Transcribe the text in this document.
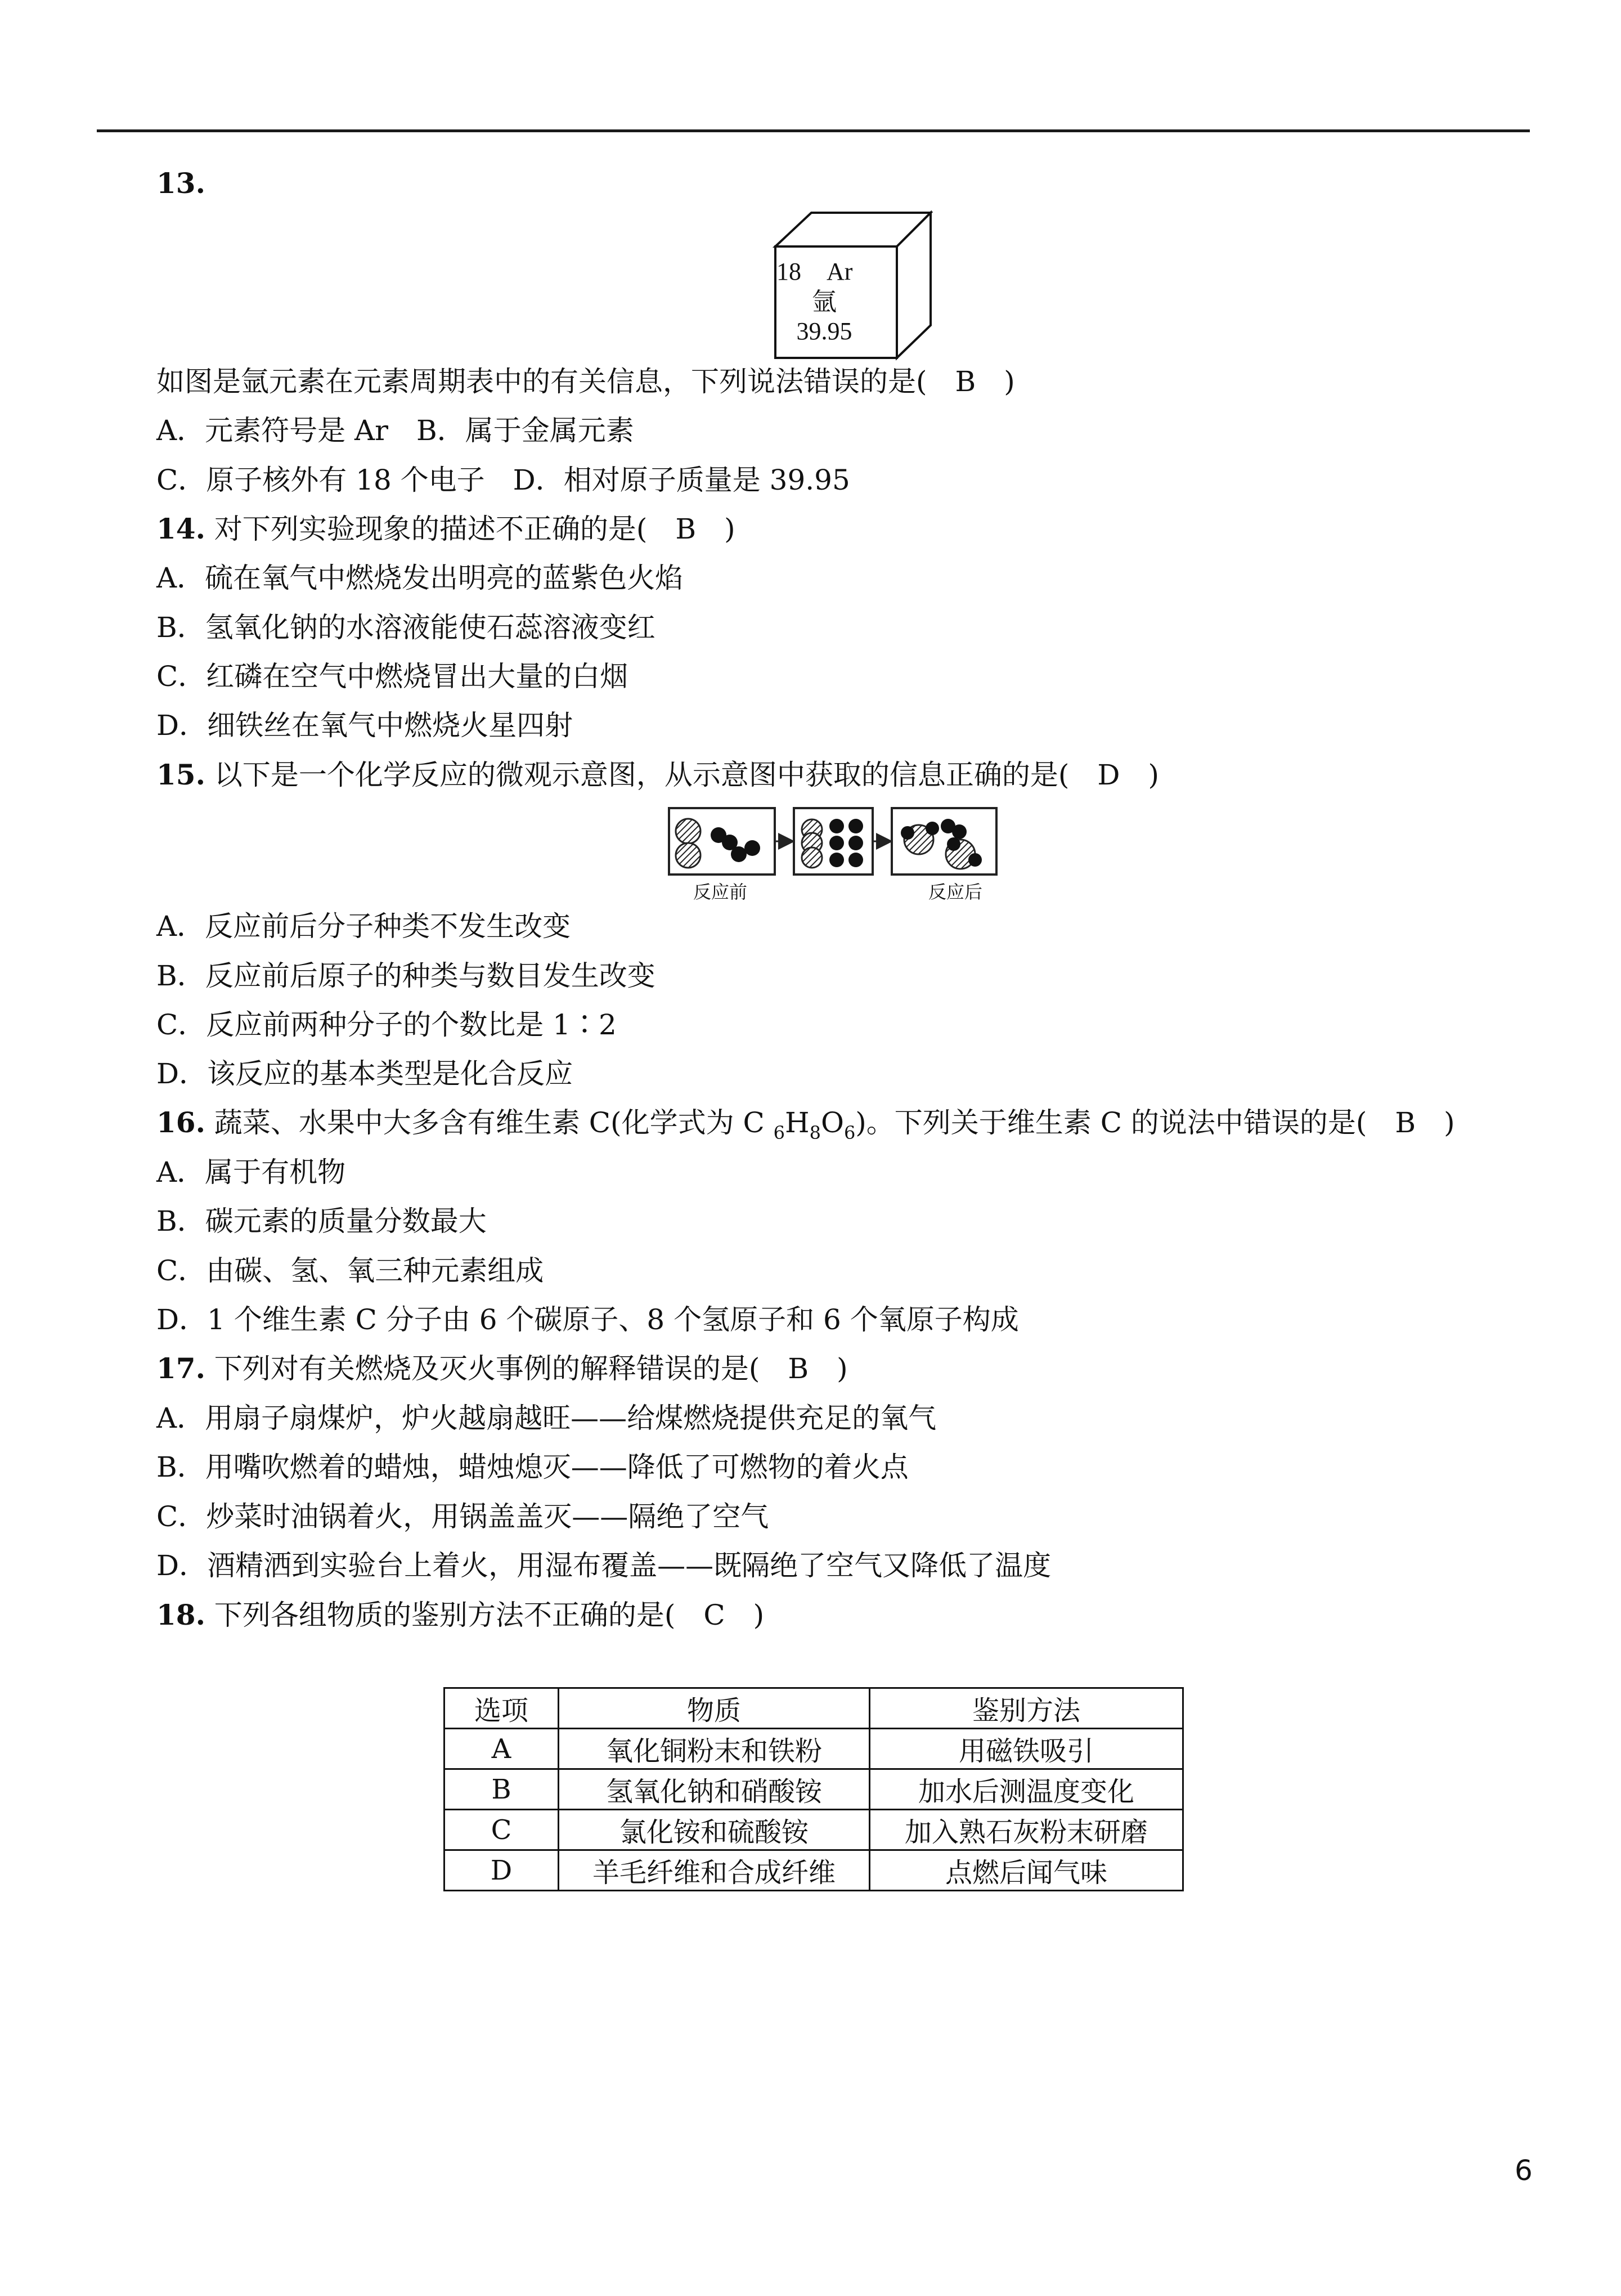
13.
18 Ar
氩
39.95
如图是氩元素在元素周期表中的有关信息，下列说法错误的是(　B　)
A．元素符号是 Ar　B．属于金属元素
C．原子核外有 18 个电子　D．相对原子质量是 39.95
14. 对下列实验现象的描述不正确的是(　B　)
A．硫在氧气中燃烧发出明亮的蓝紫色火焰
B．氢氧化钠的水溶液能使石蕊溶液变红
C．红磷在空气中燃烧冒出大量的白烟
D．细铁丝在氧气中燃烧火星四射
15. 以下是一个化学反应的微观示意图，从示意图中获取的信息正确的是(　D　)
反应前	反应后
A．反应前后分子种类不发生改变
B．反应前后原子的种类与数目发生改变
C．反应前两种分子的个数比是 1∶2
D．该反应的基本类型是化合反应
16. 蔬菜、水果中大多含有维生素 C(化学式为 C $_6H_8O_6$)。下列关于维生素 C 的说法中错误的是(　B　)
A．属于有机物
B．碳元素的质量分数最大
C．由碳、氢、氧三种元素组成
D．1 个维生素 C 分子由 6 个碳原子、8 个氢原子和 6 个氧原子构成
17. 下列对有关燃烧及灭火事例的解释错误的是(　B　)
A．用扇子扇煤炉，炉火越扇越旺——给煤燃烧提供充足的氧气
B．用嘴吹燃着的蜡烛，蜡烛熄灭——降低了可燃物的着火点
C．炒菜时油锅着火，用锅盖盖灭——隔绝了空气
D．酒精洒到实验台上着火，用湿布覆盖——既隔绝了空气又降低了温度
18. 下列各组物质的鉴别方法不正确的是(　C　)
选项	物质	鉴别方法
A	氧化铜粉末和铁粉	用磁铁吸引
B	氢氧化钠和硝酸铵	加水后测温度变化
C	氯化铵和硫酸铵	加入熟石灰粉末研磨
D	羊毛纤维和合成纤维	点燃后闻气味
6
